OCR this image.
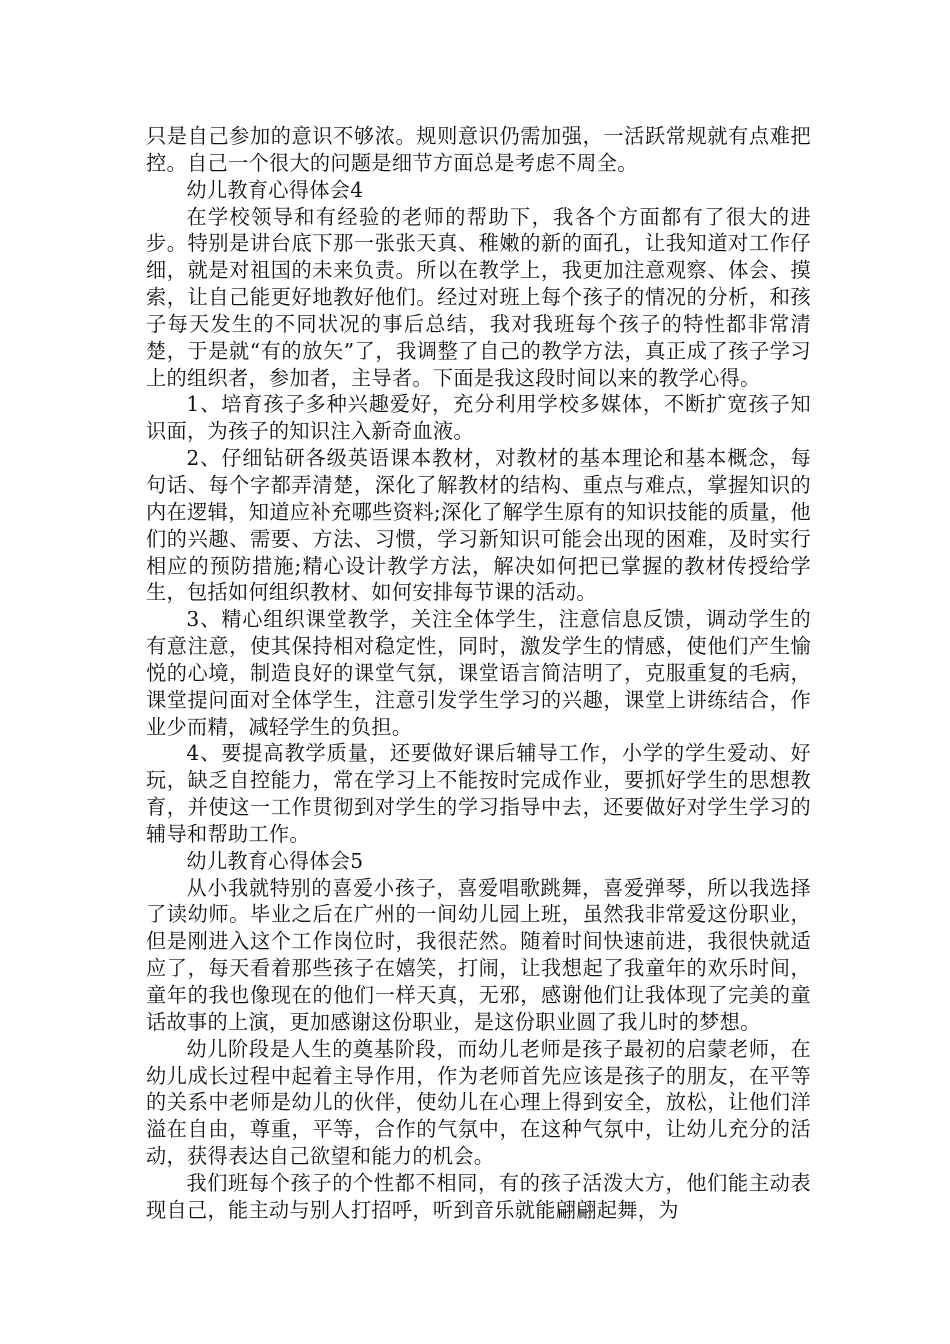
只是自己参加的意识不够浓。规则意识仍需加强，一活跃常规就有点难把控。自己一个很大的问题是细节方面总是考虑不周全。

幼儿教育心得体会4

在学校领导和有经验的老师的帮助下，我各个方面都有了很大的进步。特别是讲台底下那一张张天真、稚嫩的新的面孔，让我知道对工作仔细，就是对祖国的未来负责。所以在教学上，我更加注意观察、体会、摸索，让自己能更好地教好他们。经过对班上每个孩子的情况的分析，和孩子每天发生的不同状况的事后总结，我对我班每个孩子的特性都非常清楚，于是就“有的放矢”了，我调整了自己的教学方法，真正成了孩子学习上的组织者，参加者，主导者。下面是我这段时间以来的教学心得。

1、培育孩子多种兴趣爱好，充分利用学校多媒体，不断扩宽孩子知识面，为孩子的知识注入新奇血液。

2、仔细钻研各级英语课本教材，对教材的基本理论和基本概念，每句话、每个字都弄清楚，深化了解教材的结构、重点与难点，掌握知识的内在逻辑，知道应补充哪些资料;深化了解学生原有的知识技能的质量，他们的兴趣、需要、方法、习惯，学习新知识可能会出现的困难，及时实行相应的预防措施;精心设计教学方法，解决如何把已掌握的教材传授给学生，包括如何组织教材、如何安排每节课的活动。

3、精心组织课堂教学，关注全体学生，注意信息反馈，调动学生的有意注意，使其保持相对稳定性，同时，激发学生的情感，使他们产生愉悦的心境，制造良好的课堂气氛，课堂语言简洁明了，克服重复的毛病，课堂提问面对全体学生，注意引发学生学习的兴趣，课堂上讲练结合，作业少而精，减轻学生的负担。

4、要提高教学质量，还要做好课后辅导工作，小学的学生爱动、好玩，缺乏自控能力，常在学习上不能按时完成作业，要抓好学生的思想教育，并使这一工作贯彻到对学生的学习指导中去，还要做好对学生学习的辅导和帮助工作。

幼儿教育心得体会5

从小我就特别的喜爱小孩子，喜爱唱歌跳舞，喜爱弹琴，所以我选择了读幼师。毕业之后在广州的一间幼儿园上班，虽然我非常爱这份职业，但是刚进入这个工作岗位时，我很茫然。随着时间快速前进，我很快就适应了，每天看着那些孩子在嬉笑，打闹，让我想起了我童年的欢乐时间，童年的我也像现在的他们一样天真，无邪，感谢他们让我体现了完美的童话故事的上演，更加感谢这份职业，是这份职业圆了我儿时的梦想。

幼儿阶段是人生的奠基阶段，而幼儿老师是孩子最初的启蒙老师，在幼儿成长过程中起着主导作用，作为老师首先应该是孩子的朋友，在平等的关系中老师是幼儿的伙伴，使幼儿在心理上得到安全，放松，让他们洋溢在自由，尊重，平等，合作的气氛中，在这种气氛中，让幼儿充分的活动，获得表达自己欲望和能力的机会。

我们班每个孩子的个性都不相同，有的孩子活泼大方，他们能主动表现自己，能主动与别人打招呼，听到音乐就能翩翩起舞，为
